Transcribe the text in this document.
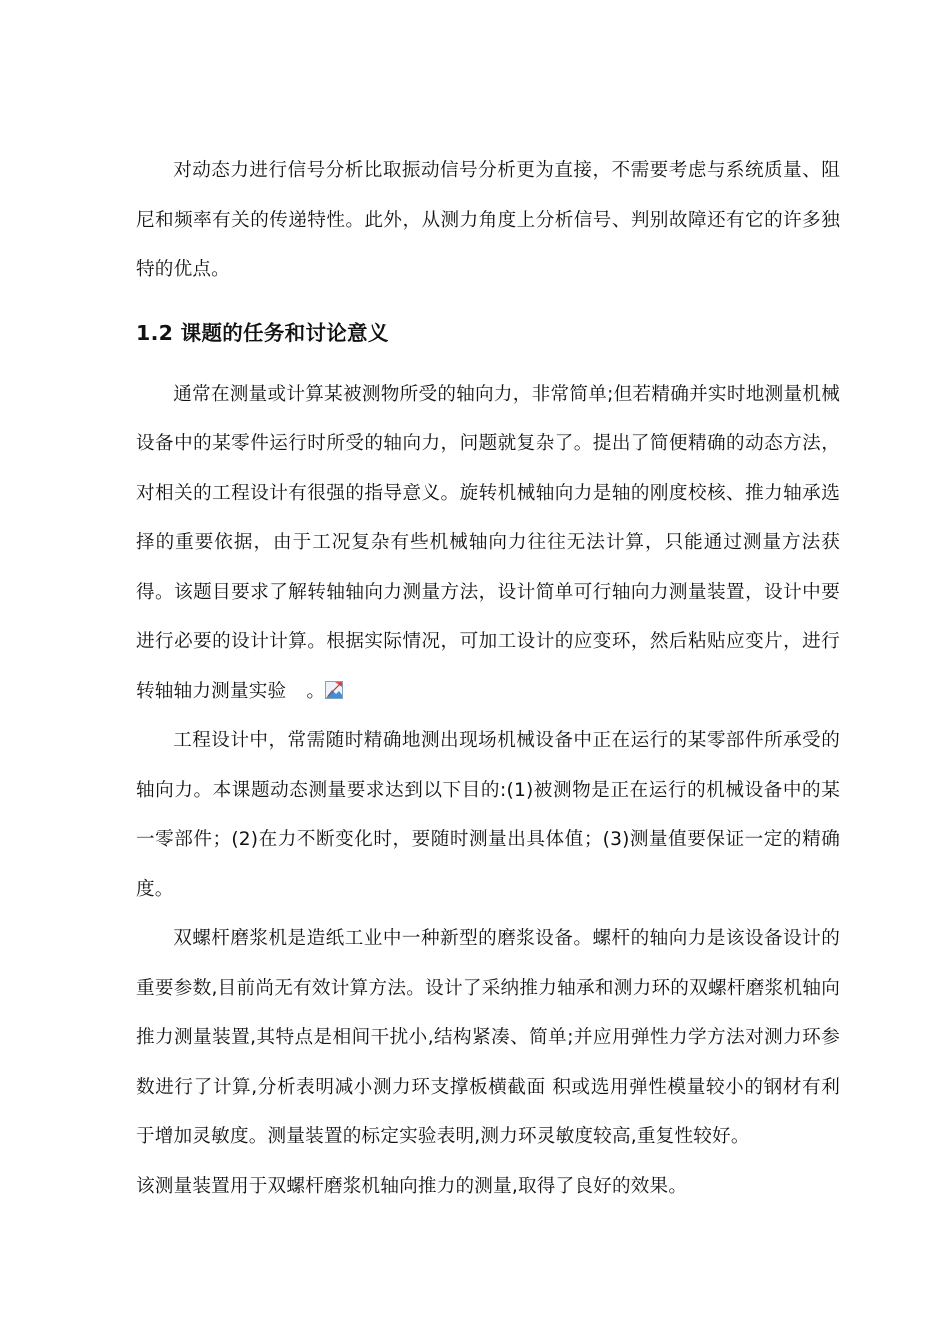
对动态力进行信号分析比取振动信号分析更为直接，不需要考虑与系统质量、阻尼和频率有关的传递特性。此外，从测力角度上分析信号、判别故障还有它的许多独特的优点。

1.2 课题的任务和讨论意义

通常在测量或计算某被测物所受的轴向力，非常简单;但若精确并实时地测量机械设备中的某零件运行时所受的轴向力，问题就复杂了。提出了简便精确的动态方法，对相关的工程设计有很强的指导意义。旋转机械轴向力是轴的刚度校核、推力轴承选择的重要依据，由于工况复杂有些机械轴向力往往无法计算，只能通过测量方法获得。该题目要求了解转轴轴向力测量方法，设计简单可行轴向力测量装置，设计中要进行必要的设计计算。根据实际情况，可加工设计的应变环，然后粘贴应变片，进行转轴轴力测量实验 。

工程设计中，常需随时精确地测出现场机械设备中正在运行的某零部件所承受的轴向力。本课题动态测量要求达到以下目的:(1)被测物是正在运行的机械设备中的某一零部件；(2)在力不断变化时，要随时测量出具体值；(3)测量值要保证一定的精确度。

双螺杆磨浆机是造纸工业中一种新型的磨浆设备。螺杆的轴向力是该设备设计的重要参数,目前尚无有效计算方法。设计了采纳推力轴承和测力环的双螺杆磨浆机轴向推力测量装置,其特点是相间干扰小,结构紧凑、简单;并应用弹性力学方法对测力环参数进行了计算,分析表明减小测力环支撑板横截面 积或选用弹性模量较小的钢材有利于增加灵敏度。测量装置的标定实验表明,测力环灵敏度较高,重复性较好。

该测量装置用于双螺杆磨浆机轴向推力的测量,取得了良好的效果。
